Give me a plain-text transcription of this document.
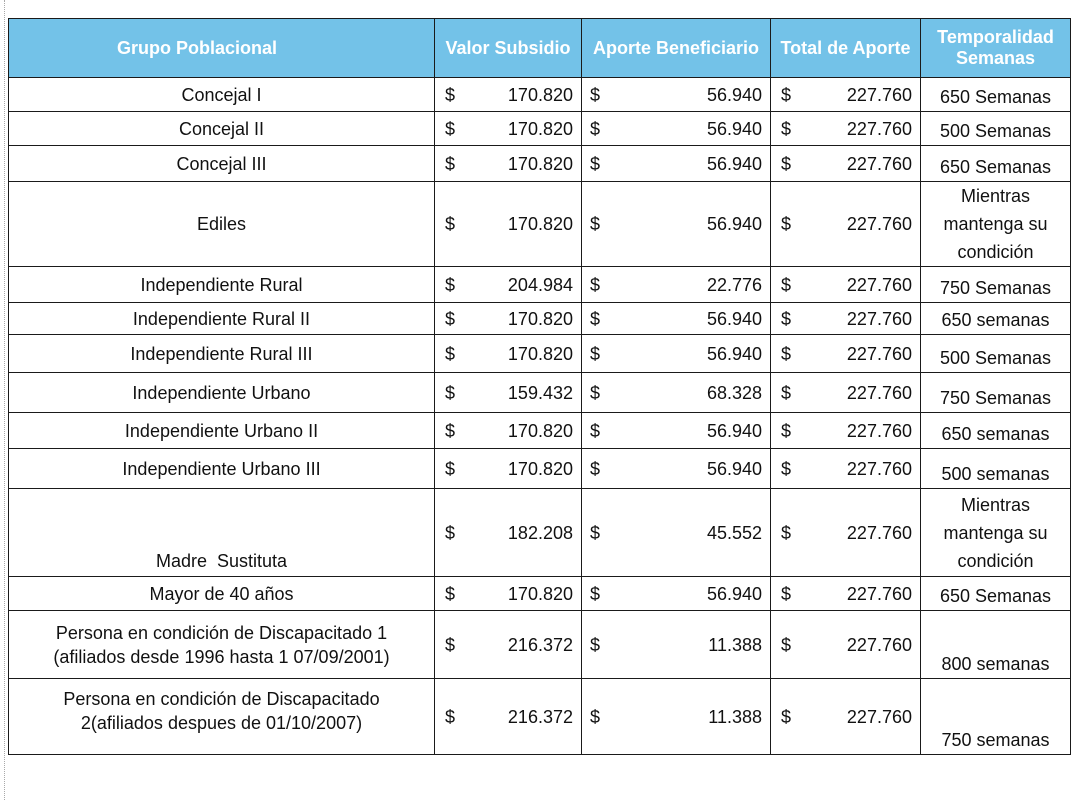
Grupo Poblacional	Valor Subsidio	Aporte Beneficiario	Total de Aporte	Temporalidad Semanas
Concejal I	$ 170.820	$ 56.940	$ 227.760	650 Semanas
Concejal II	$ 170.820	$ 56.940	$ 227.760	500 Semanas
Concejal III	$ 170.820	$ 56.940	$ 227.760	650 Semanas
Ediles	$ 170.820	$ 56.940	$ 227.760	Mientras mantenga su condición
Independiente Rural	$ 204.984	$ 22.776	$ 227.760	750 Semanas
Independiente Rural II	$ 170.820	$ 56.940	$ 227.760	650 semanas
Independiente Rural III	$ 170.820	$ 56.940	$ 227.760	500 Semanas
Independiente Urbano	$ 159.432	$ 68.328	$ 227.760	750 Semanas
Independiente Urbano II	$ 170.820	$ 56.940	$ 227.760	650 semanas
Independiente Urbano III	$ 170.820	$ 56.940	$ 227.760	500 semanas
Madre  Sustituta	$ 182.208	$ 45.552	$ 227.760	Mientras mantenga su condición
Mayor de 40 años	$ 170.820	$ 56.940	$ 227.760	650 Semanas

Persona en condición de Discapacitado 1
(afiliados desde 1996 hasta 1 07/09/2001)	$ 216.372	$ 11.388	$ 227.760	800 semanas

Persona en condición de Discapacitado
2(afiliados despues de 01/10/2007)	$ 216.372	$ 11.388	$ 227.760	750 semanas
